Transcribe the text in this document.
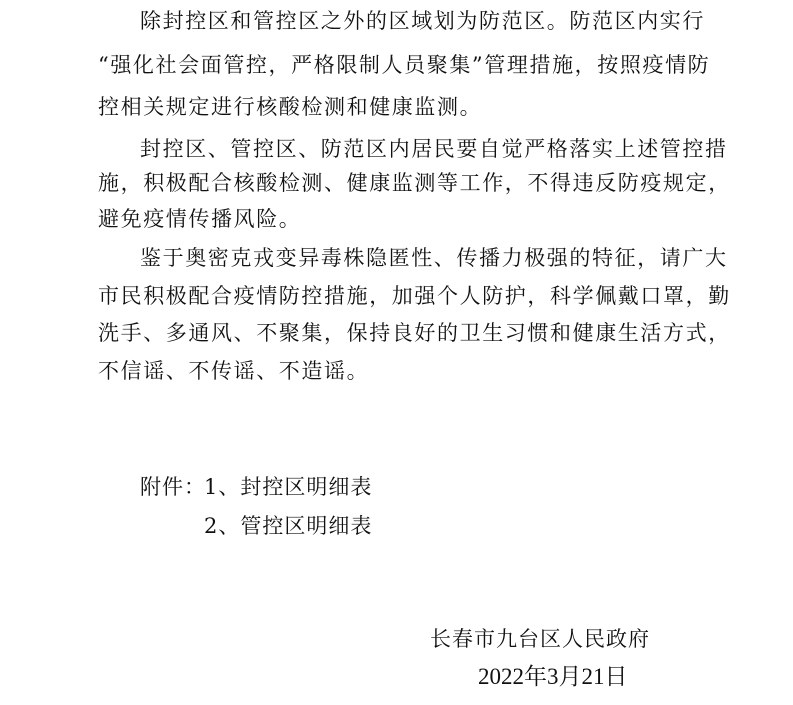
除封控区和管控区之外的区域划为防范区。防范区内实行
“强化社会面管控，严格限制人员聚集”管理措施，按照疫情防
控相关规定进行核酸检测和健康监测。
封控区、管控区、防范区内居民要自觉严格落实上述管控措
施，积极配合核酸检测、健康监测等工作，不得违反防疫规定，
避免疫情传播风险。
鉴于奥密克戎变异毒株隐匿性、传播力极强的特征，请广大
市民积极配合疫情防控措施，加强个人防护，科学佩戴口罩，勤
洗手、多通风、不聚集，保持良好的卫生习惯和健康生活方式，
不信谣、不传谣、不造谣。
附件：
1、封控区明细表
2、管控区明细表
长春市九台区人民政府
2022年3月21日
